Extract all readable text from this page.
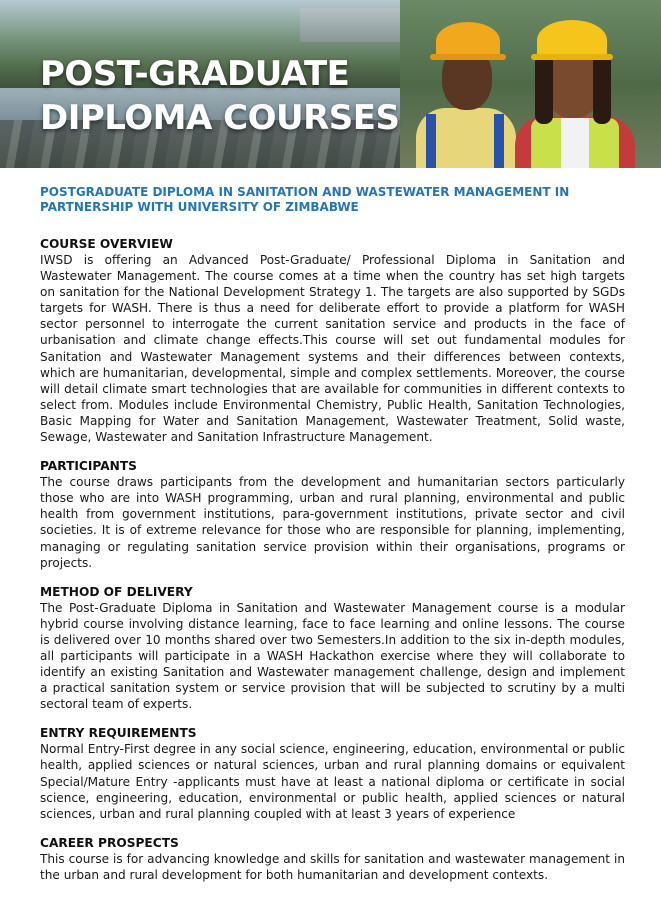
POST-GRADUATE
DIPLOMA COURSES
POSTGRADUATE DIPLOMA IN SANITATION AND WASTEWATER MANAGEMENT IN PARTNERSHIP WITH UNIVERSITY OF ZIMBABWE
COURSE OVERVIEW

IWSD is offering an Advanced Post-Graduate/ Professional Diploma in Sanitation and Wastewater Management. The course comes at a time when the country has set high targets on sanitation for the National Development Strategy 1. The targets are also supported by SGDs targets for WASH. There is thus a need for deliberate effort to provide a platform for WASH sector personnel to interrogate the current sanitation service and products in the face of urbanisation and climate change effects.This course will set out fundamental modules for Sanitation and Wastewater Management systems and their differences between contexts, which are humanitarian, developmental, simple and complex settlements. Moreover, the course will detail climate smart technologies that are available for communities in different contexts to select from. Modules include Environmental Chemistry, Public Health, Sanitation Technologies, Basic Mapping for Water and Sanitation Management, Wastewater Treatment, Solid waste, Sewage, Wastewater and Sanitation Infrastructure Management.

PARTICIPANTS

The course draws participants from the development and humanitarian sectors particularly those who are into WASH programming, urban and rural planning, environmental and public health from government institutions, para-government institutions, private sector and civil societies. It is of extreme relevance for those who are responsible for planning, implementing, managing or regulating sanitation service provision within their organisations, programs or projects.

METHOD OF DELIVERY

The Post-Graduate Diploma in Sanitation and Wastewater Management course is a modular hybrid course involving distance learning, face to face learning and online lessons. The course is delivered over 10 months shared over two Semesters.In addition to the six in-depth modules, all participants will participate in a WASH Hackathon exercise where they will collaborate to identify an existing Sanitation and Wastewater management challenge, design and implement a practical sanitation system or service provision that will be subjected to scrutiny by a multi sectoral team of experts.

ENTRY REQUIREMENTS

Normal Entry-First degree in any social science, engineering, education, environmental or public health, applied sciences or natural sciences, urban and rural planning domains or equivalent Special/Mature Entry -applicants must have at least a national diploma or certificate in social science, engineering, education, environmental or public health, applied sciences or natural sciences, urban and rural planning coupled with at least 3 years of experience

CAREER PROSPECTS

This course is for advancing knowledge and skills for sanitation and wastewater management in the urban and rural development for both humanitarian and development contexts.
